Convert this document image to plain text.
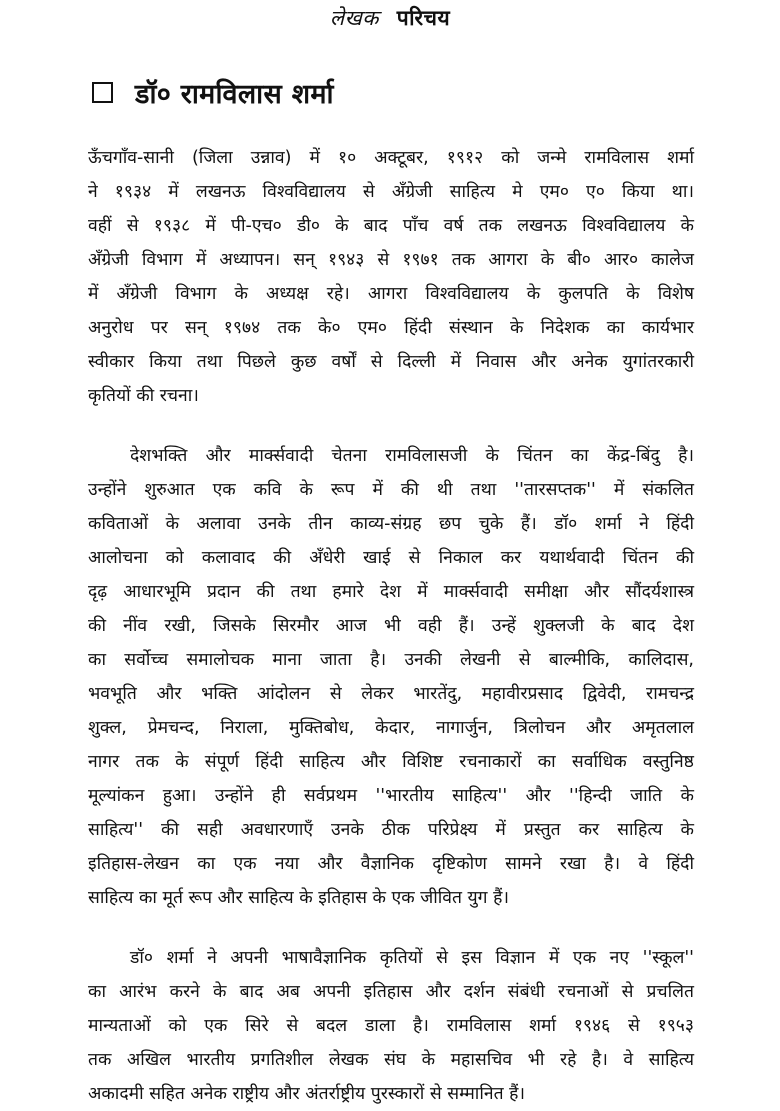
लेखक परिचय
डॉ० रामविलास शर्मा
ऊँचगाँव-सानी (जिला उन्नाव) में १० अक्टूबर, १९१२ को जन्मे रामविलास शर्मा
ने १९३४ में लखनऊ विश्वविद्यालय से अँग्रेजी साहित्य मे एम० ए० किया था।
वहीं से १९३८ में पी-एच० डी० के बाद पाँच वर्ष तक लखनऊ विश्वविद्यालय के
अँग्रेजी विभाग में अध्यापन। सन् १९४३ से १९७१ तक आगरा के बी० आर० कालेज
में अँग्रेजी विभाग के अध्यक्ष रहे। आगरा विश्वविद्यालय के कुलपति के विशेष
अनुरोध पर सन् १९७४ तक के० एम० हिंदी संस्थान के निदेशक का कार्यभार
स्वीकार किया तथा पिछले कुछ वर्षों से दिल्ली में निवास और अनेक युगांतरकारी
कृतियों की रचना।
देशभक्ति और मार्क्सवादी चेतना रामविलासजी के चिंतन का केंद्र-बिंदु है।
उन्होंने शुरुआत एक कवि के रूप में की थी तथा ''तारसप्तक'' में संकलित
कविताओं के अलावा उनके तीन काव्य-संग्रह छप चुके हैं। डॉ० शर्मा ने हिंदी
आलोचना को कलावाद की अँधेरी खाई से निकाल कर यथार्थवादी चिंतन की
दृढ़ आधारभूमि प्रदान की तथा हमारे देश में मार्क्सवादी समीक्षा और सौंदर्यशास्त्र
की नींव रखी, जिसके सिरमौर आज भी वही हैं। उन्हें शुक्लजी के बाद देश
का सर्वोच्च समालोचक माना जाता है। उनकी लेखनी से बाल्मीकि, कालिदास,
भवभूति और भक्ति आंदोलन से लेकर भारतेंदु, महावीरप्रसाद द्विवेदी, रामचन्द्र
शुक्ल, प्रेमचन्द, निराला, मुक्तिबोध, केदार, नागार्जुन, त्रिलोचन और अमृतलाल
नागर तक के संपूर्ण हिंदी साहित्य और विशिष्ट रचनाकारों का सर्वाधिक वस्तुनिष्ठ
मूल्यांकन हुआ। उन्होंने ही सर्वप्रथम ''भारतीय साहित्य'' और ''हिन्दी जाति के
साहित्य'' की सही अवधारणाएँ उनके ठीक परिप्रेक्ष्य में प्रस्तुत कर साहित्य के
इतिहास-लेखन का एक नया और वैज्ञानिक दृष्टिकोण सामने रखा है। वे हिंदी
साहित्य का मूर्त रूप और साहित्य के इतिहास के एक जीवित युग हैं।
डॉ० शर्मा ने अपनी भाषावैज्ञानिक कृतियों से इस विज्ञान में एक नए ''स्कूल''
का आरंभ करने के बाद अब अपनी इतिहास और दर्शन संबंधी रचनाओं से प्रचलित
मान्यताओं को एक सिरे से बदल डाला है। रामविलास शर्मा १९४६ से १९५३
तक अखिल भारतीय प्रगतिशील लेखक संघ के महासचिव भी रहे है। वे साहित्य
अकादमी सहित अनेक राष्ट्रीय और अंतर्राष्ट्रीय पुरस्कारों से सम्मानित हैं।
